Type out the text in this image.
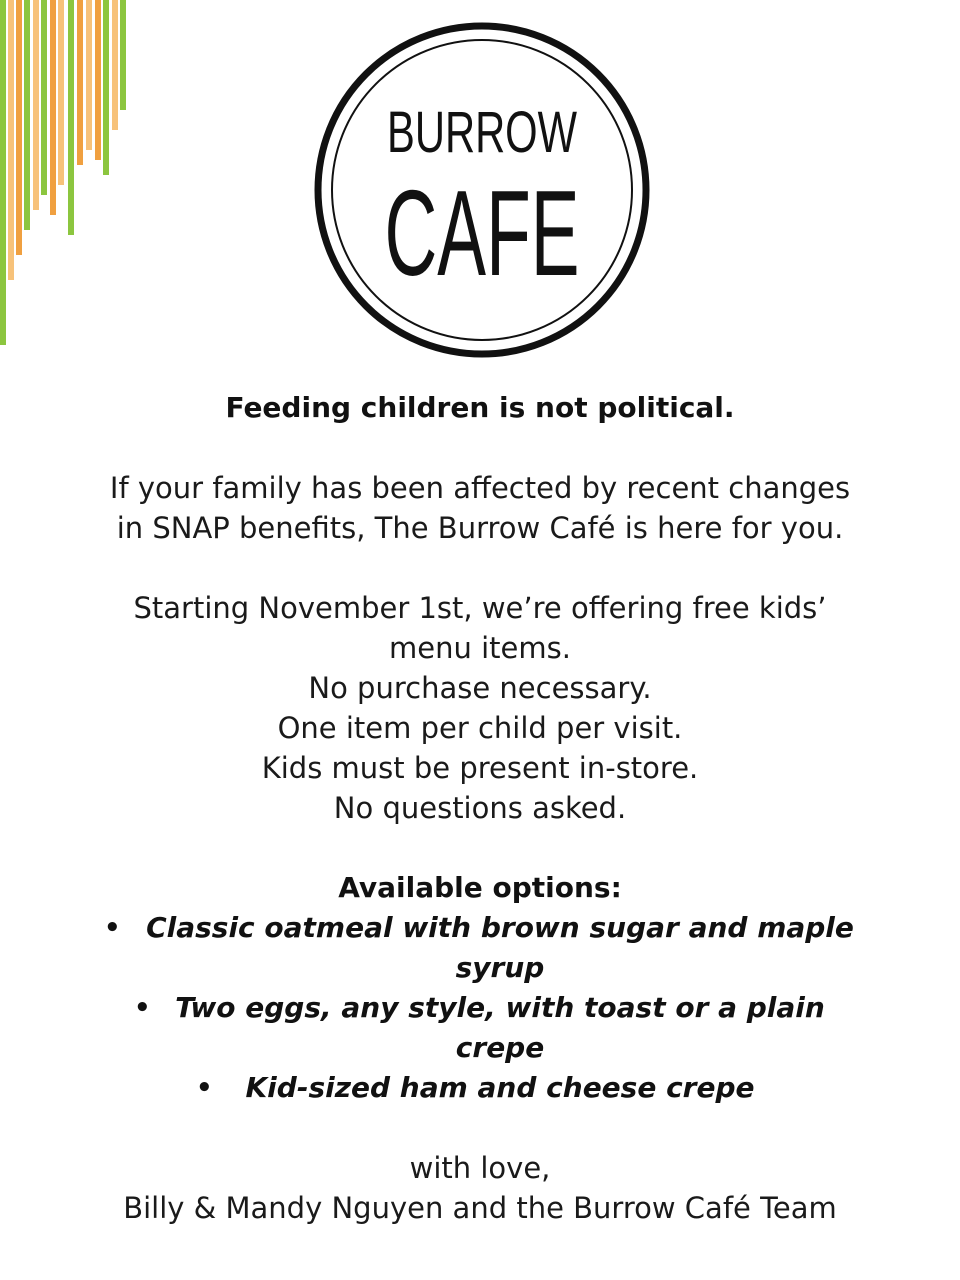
BURROW
CAFE

Feeding children is not political.

If your family has been affected by recent changes
in SNAP benefits, The Burrow Café is here for you.

Starting November 1st, we’re offering free kids’
menu items.
No purchase necessary.
One item per child per visit.
Kids must be present in-store.
No questions asked.

Available options:

• Classic oatmeal with brown sugar and maple
syrup
• Two eggs, any style, with toast or a plain
crepe
•	Kid-sized ham and cheese crepe

with love,
Billy & Mandy Nguyen and the Burrow Café Team
